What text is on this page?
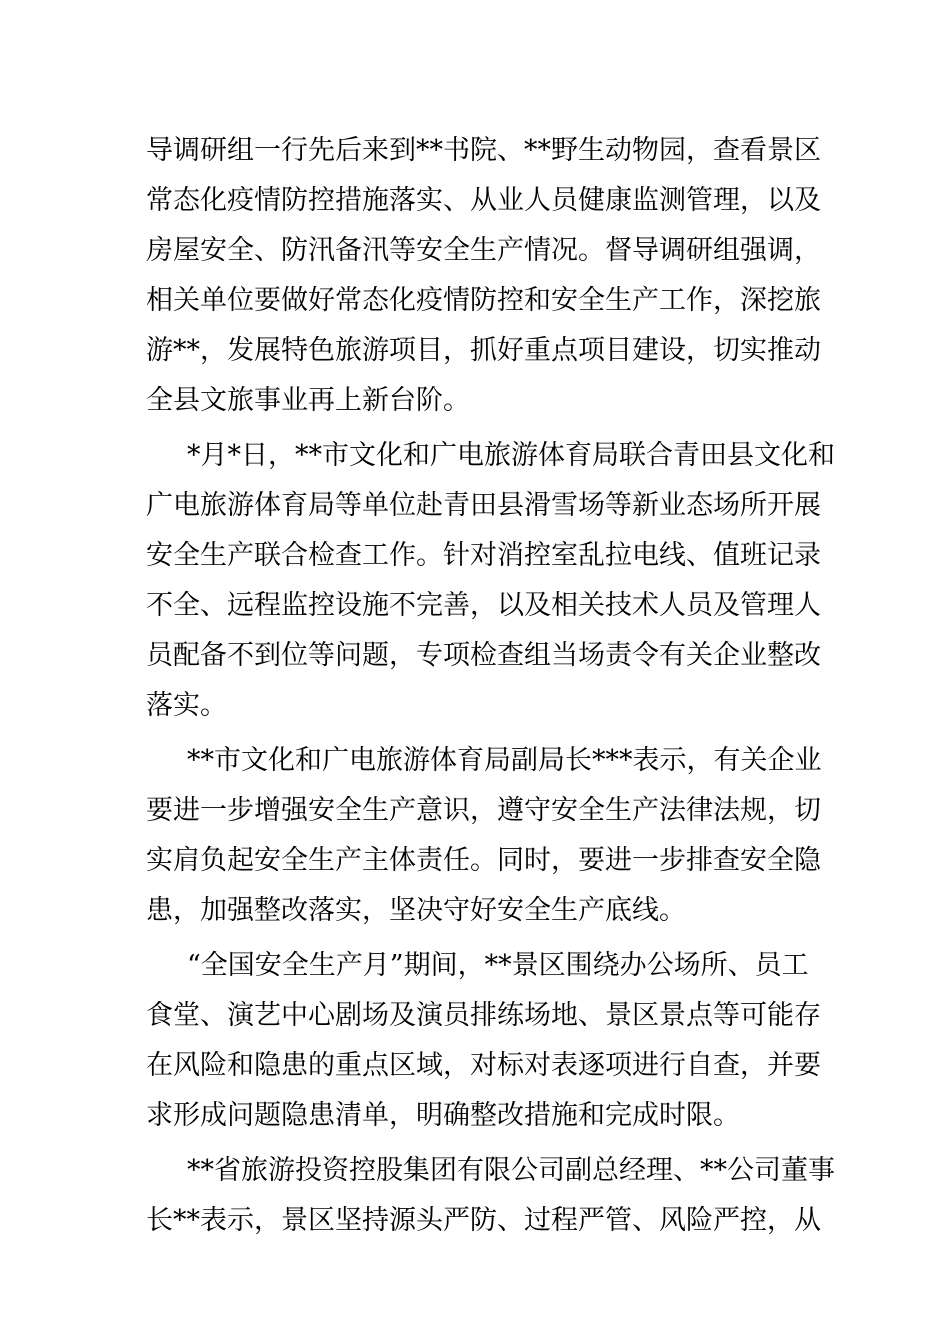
导调研组一行先后来到**书院、**野生动物园，查看景区
常态化疫情防控措施落实、从业人员健康监测管理，以及
房屋安全、防汛备汛等安全生产情况。督导调研组强调，
相关单位要做好常态化疫情防控和安全生产工作，深挖旅
游**，发展特色旅游项目，抓好重点项目建设，切实推动
全县文旅事业再上新台阶。
*月*日，**市文化和广电旅游体育局联合青田县文化和
广电旅游体育局等单位赴青田县滑雪场等新业态场所开展
安全生产联合检查工作。针对消控室乱拉电线、值班记录
不全、远程监控设施不完善，以及相关技术人员及管理人
员配备不到位等问题，专项检查组当场责令有关企业整改
落实。
**市文化和广电旅游体育局副局长***表示，有关企业
要进一步增强安全生产意识，遵守安全生产法律法规，切
实肩负起安全生产主体责任。同时，要进一步排查安全隐
患，加强整改落实，坚决守好安全生产底线。
“全国安全生产月”期间，**景区围绕办公场所、员工
食堂、演艺中心剧场及演员排练场地、景区景点等可能存
在风险和隐患的重点区域，对标对表逐项进行自查，并要
求形成问题隐患清单，明确整改措施和完成时限。
**省旅游投资控股集团有限公司副总经理、**公司董事
长**表示，景区坚持源头严防、过程严管、风险严控，从
